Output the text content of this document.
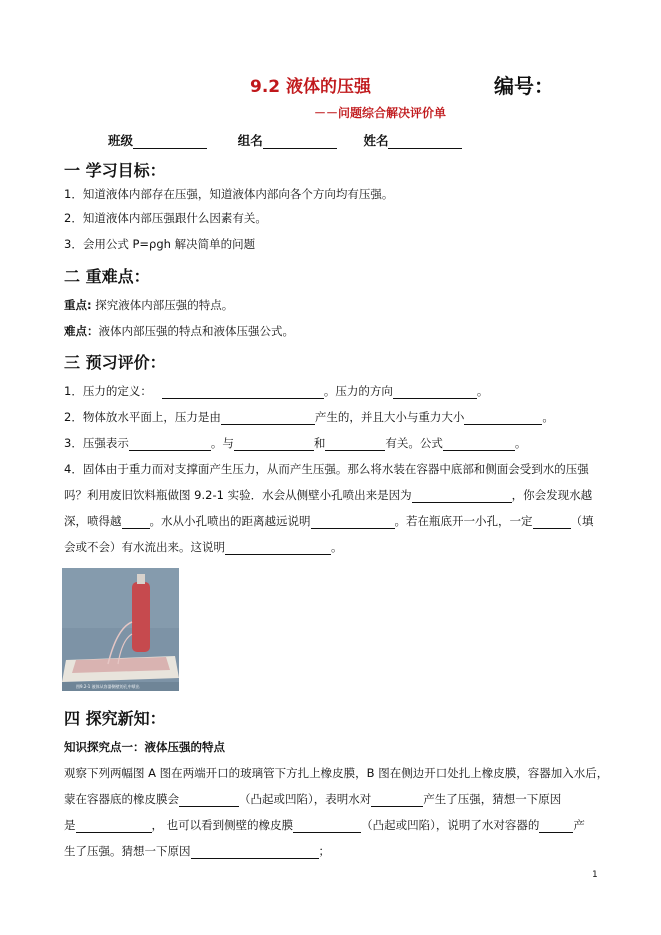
9.2 液体的压强	编号：
－－问题综合解决评价单
班级	组名	姓名
一 学习目标：
1．知道液体内部存在压强，知道液体内部向各个方向均有压强。
2．知道液体内部压强跟什么因素有关。
3．会用公式 P=ρgh 解决简单的问题
二 重难点：
重点: 探究液体内部压强的特点。
难点：液体内部压强的特点和液体压强公式。
三 预习评价：
1．压力的定义：	。压力的方向	。
2．物体放水平面上，压力是由	产生的，并且大小与重力大小	。
3．压强表示	。与	和	有关。公式	。
4．固体由于重力而对支撑面产生压力，从而产生压强。那么将水装在容器中底部和侧面会受到水的压强
吗？利用废旧饮料瓶做图 9.2-1 实验．水会从侧壁小孔喷出来是因为	，你会发现水越
深，喷得越 。水从小孔喷出的距离越远说明	。若在瓶底开一小孔，一定	（填
会或不会）有水流出来。这说明	。
图9.2-1 液体从容器侧壁的孔中喷出
四 探究新知：
知识探究点一：液体压强的特点
观察下列两幅图 A 图在两端开口的玻璃管下方扎上橡皮膜，B 图在侧边开口处扎上橡皮膜，容器加入水后，
蒙在容器底的橡皮膜会	（凸起或凹陷），表明水对	产生了压强，猜想一下原因
是	， 也可以看到侧壁的橡皮膜	（凸起或凹陷），说明了水对容器的	产
生了压强。猜想一下原因	；
1
